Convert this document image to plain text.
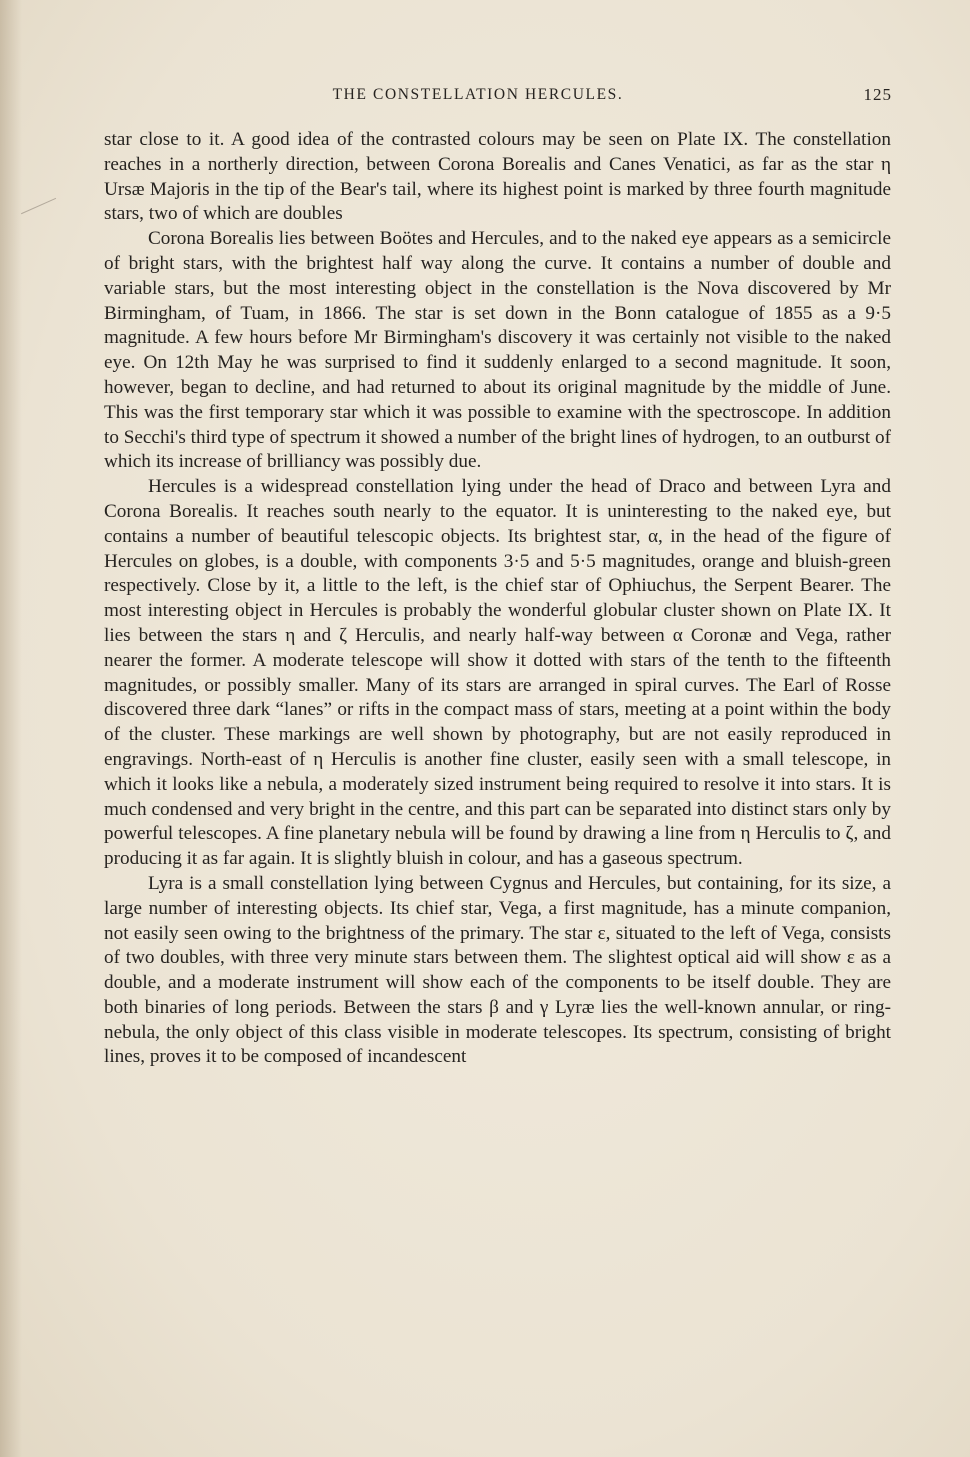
THE CONSTELLATION HERCULES.	125

star close to it. A good idea of the contrasted colours may be seen on Plate IX. The constellation reaches in a northerly direction, between Corona Borealis and Canes Venatici, as far as the star η Ursæ Majoris in the tip of the Bear's tail, where its highest point is marked by three fourth magnitude stars, two of which are doubles

Corona Borealis lies between Boötes and Hercules, and to the naked eye appears as a semicircle of bright stars, with the brightest half way along the curve. It contains a number of double and variable stars, but the most interesting object in the constellation is the Nova discovered by Mr Birmingham, of Tuam, in 1866. The star is set down in the Bonn catalogue of 1855 as a 9·5 magnitude. A few hours before Mr Birmingham's discovery it was certainly not visible to the naked eye. On 12th May he was surprised to find it suddenly enlarged to a second magnitude. It soon, however, began to decline, and had returned to about its original magnitude by the middle of June. This was the first temporary star which it was possible to examine with the spectroscope. In addition to Secchi's third type of spectrum it showed a number of the bright lines of hydrogen, to an outburst of which its increase of brilliancy was possibly due.

Hercules is a widespread constellation lying under the head of Draco and between Lyra and Corona Borealis. It reaches south nearly to the equator. It is uninteresting to the naked eye, but contains a number of beautiful telescopic objects. Its brightest star, α, in the head of the figure of Hercules on globes, is a double, with components 3·5 and 5·5 magnitudes, orange and bluish-green respectively. Close by it, a little to the left, is the chief star of Ophiuchus, the Serpent Bearer. The most interesting object in Hercules is probably the wonderful globular cluster shown on Plate IX. It lies between the stars η and ζ Herculis, and nearly half-way between α Coronæ and Vega, rather nearer the former. A moderate telescope will show it dotted with stars of the tenth to the fifteenth magnitudes, or possibly smaller. Many of its stars are arranged in spiral curves. The Earl of Rosse discovered three dark “lanes” or rifts in the compact mass of stars, meeting at a point within the body of the cluster. These markings are well shown by photography, but are not easily reproduced in engravings. North-east of η Herculis is another fine cluster, easily seen with a small telescope, in which it looks like a nebula, a moderately sized instrument being required to resolve it into stars. It is much condensed and very bright in the centre, and this part can be separated into distinct stars only by powerful telescopes. A fine planetary nebula will be found by drawing a line from η Herculis to ζ, and producing it as far again. It is slightly bluish in colour, and has a gaseous spectrum.

Lyra is a small constellation lying between Cygnus and Hercules, but containing, for its size, a large number of interesting objects. Its chief star, Vega, a first magnitude, has a minute companion, not easily seen owing to the brightness of the primary. The star ε, situated to the left of Vega, consists of two doubles, with three very minute stars between them. The slightest optical aid will show ε as a double, and a moderate instrument will show each of the components to be itself double. They are both binaries of long periods. Between the stars β and γ Lyræ lies the well-known annular, or ring-nebula, the only object of this class visible in moderate telescopes. Its spectrum, consisting of bright lines, proves it to be composed of incandescent
